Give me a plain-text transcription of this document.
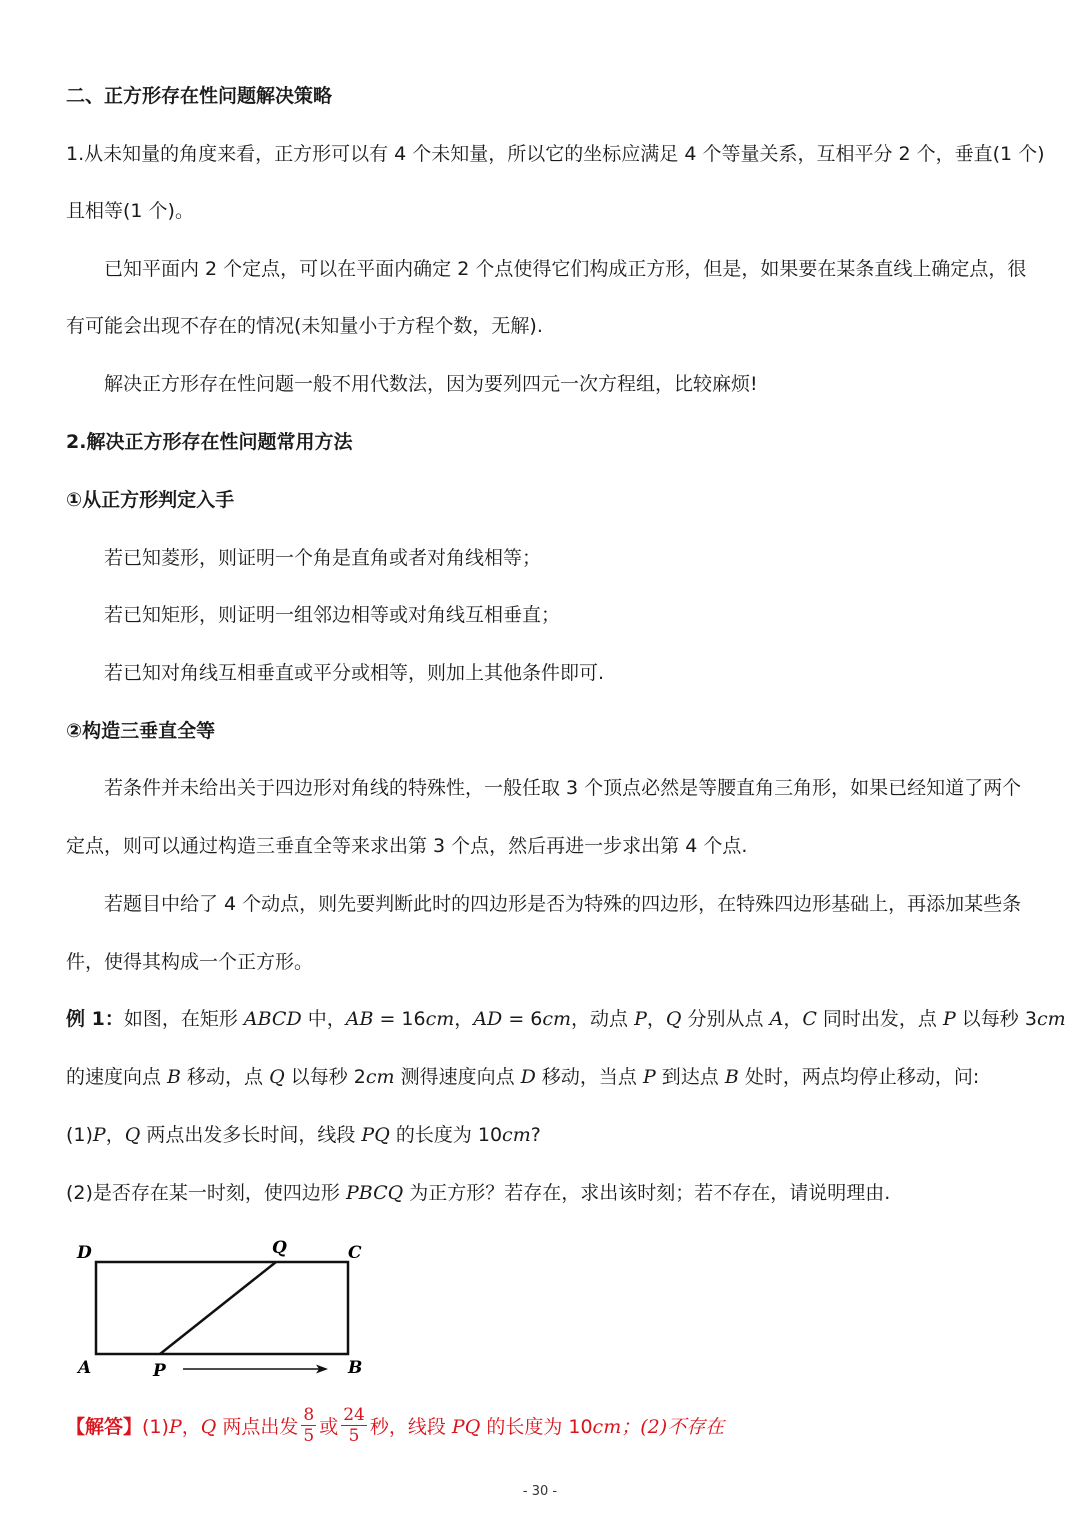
二、正方形存在性问题解决策略
1.从未知量的角度来看，正方形可以有 4 个未知量，所以它的坐标应满足 4 个等量关系，互相平分 2 个，垂直(1 个)
且相等(1 个)。
已知平面内 2 个定点，可以在平面内确定 2 个点使得它们构成正方形，但是，如果要在某条直线上确定点，很
有可能会出现不存在的情况(未知量小于方程个数，无解).
解决正方形存在性问题一般不用代数法，因为要列四元一次方程组，比较麻烦!
2.解决正方形存在性问题常用方法
①从正方形判定入手
若已知菱形，则证明一个角是直角或者对角线相等；
若已知矩形，则证明一组邻边相等或对角线互相垂直；
若已知对角线互相垂直或平分或相等，则加上其他条件即可.
②构造三垂直全等
若条件并未给出关于四边形对角线的特殊性，一般任取 3 个顶点必然是等腰直角三角形，如果已经知道了两个
定点，则可以通过构造三垂直全等来求出第 3 个点，然后再进一步求出第 4 个点.
若题目中给了 4 个动点，则先要判断此时的四边形是否为特殊的四边形，在特殊四边形基础上，再添加某些条
件，使得其构成一个正方形。
例 1：如图，在矩形 ABCD 中，AB = 16cm，AD = 6cm，动点 P，Q 分别从点 A，C 同时出发，点 P 以每秒 3cm
的速度向点 B 移动，点 Q 以每秒 2cm 测得速度向点 D 移动，当点 P 到达点 B 处时，两点均停止移动，问:
(1)P，Q 两点出发多长时间，线段 PQ 的长度为 10cm?
(2)是否存在某一时刻，使四边形 PBCQ 为正方形？若存在，求出该时刻；若不存在，请说明理由.
D	Q	C
A	P	B
【解答】(1)P，Q 两点出发 $\frac{8}{5}$ 或 $\frac{24}{5}$ 秒，线段 PQ 的长度为 10cm；(2)不存在
- 30 -
